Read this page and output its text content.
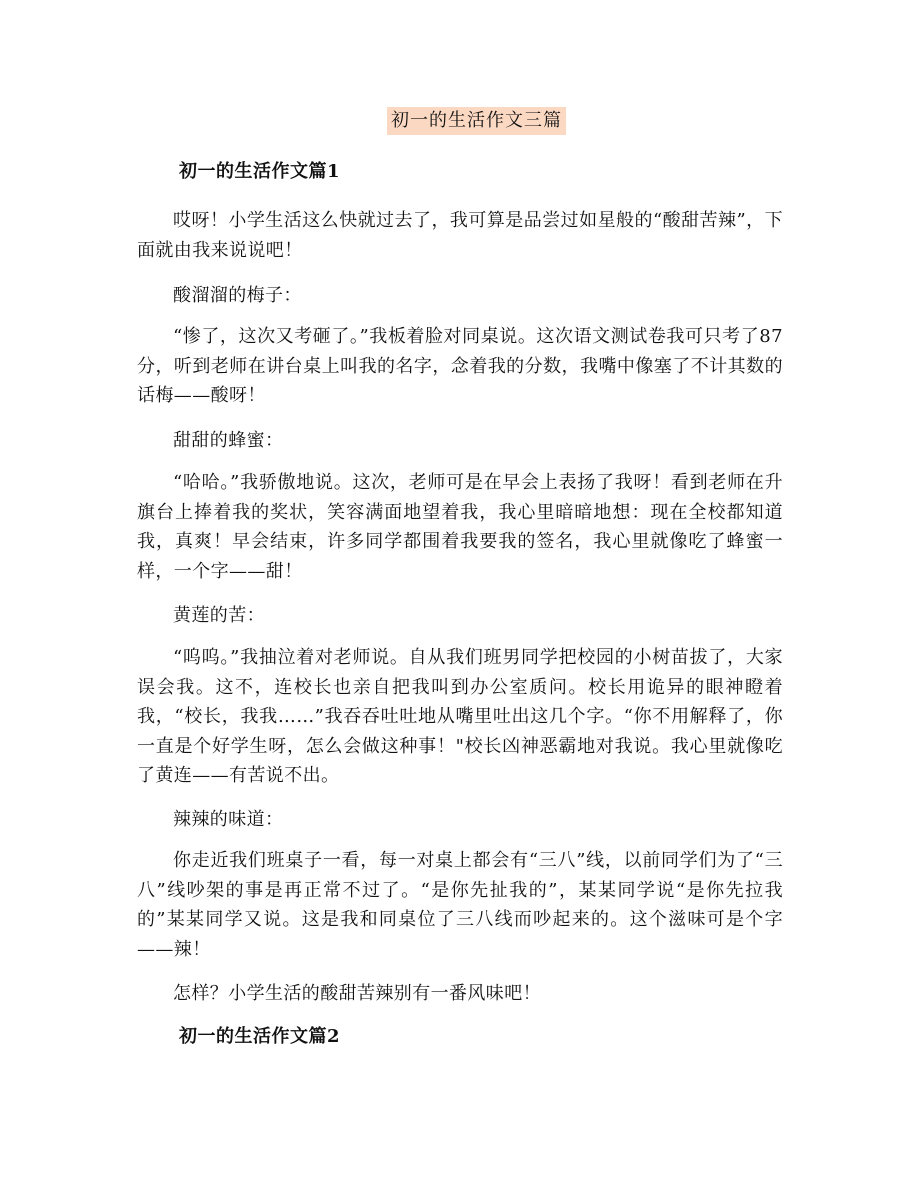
初一的生活作文三篇
初一的生活作文篇1

哎呀！小学生活这么快就过去了，我可算是品尝过如星般的“酸甜苦辣”，下面就由我来说说吧！

酸溜溜的梅子：

“惨了，这次又考砸了。”我板着脸对同桌说。这次语文测试卷我可只考了87分，听到老师在讲台桌上叫我的名字，念着我的分数，我嘴中像塞了不计其数的话梅——酸呀！

甜甜的蜂蜜：

“哈哈。”我骄傲地说。这次，老师可是在早会上表扬了我呀！看到老师在升旗台上捧着我的奖状，笑容满面地望着我，我心里暗暗地想：现在全校都知道我，真爽！早会结束，许多同学都围着我要我的签名，我心里就像吃了蜂蜜一样，一个字——甜！

黄莲的苦：

“呜呜。”我抽泣着对老师说。自从我们班男同学把校园的小树苗拔了，大家误会我。这不，连校长也亲自把我叫到办公室质问。校长用诡异的眼神瞪着我，“校长，我我……”我吞吞吐吐地从嘴里吐出这几个字。“你不用解释了，你一直是个好学生呀，怎么会做这种事！"校长凶神恶霸地对我说。我心里就像吃了黄连——有苦说不出。

辣辣的味道：

你走近我们班桌子一看，每一对桌上都会有“三八”线，以前同学们为了“三八”线吵架的事是再正常不过了。“是你先扯我的”，某某同学说“是你先拉我的”某某同学又说。这是我和同桌位了三八线而吵起来的。这个滋味可是个字——辣！

怎样？小学生活的酸甜苦辣别有一番风味吧！

初一的生活作文篇2
